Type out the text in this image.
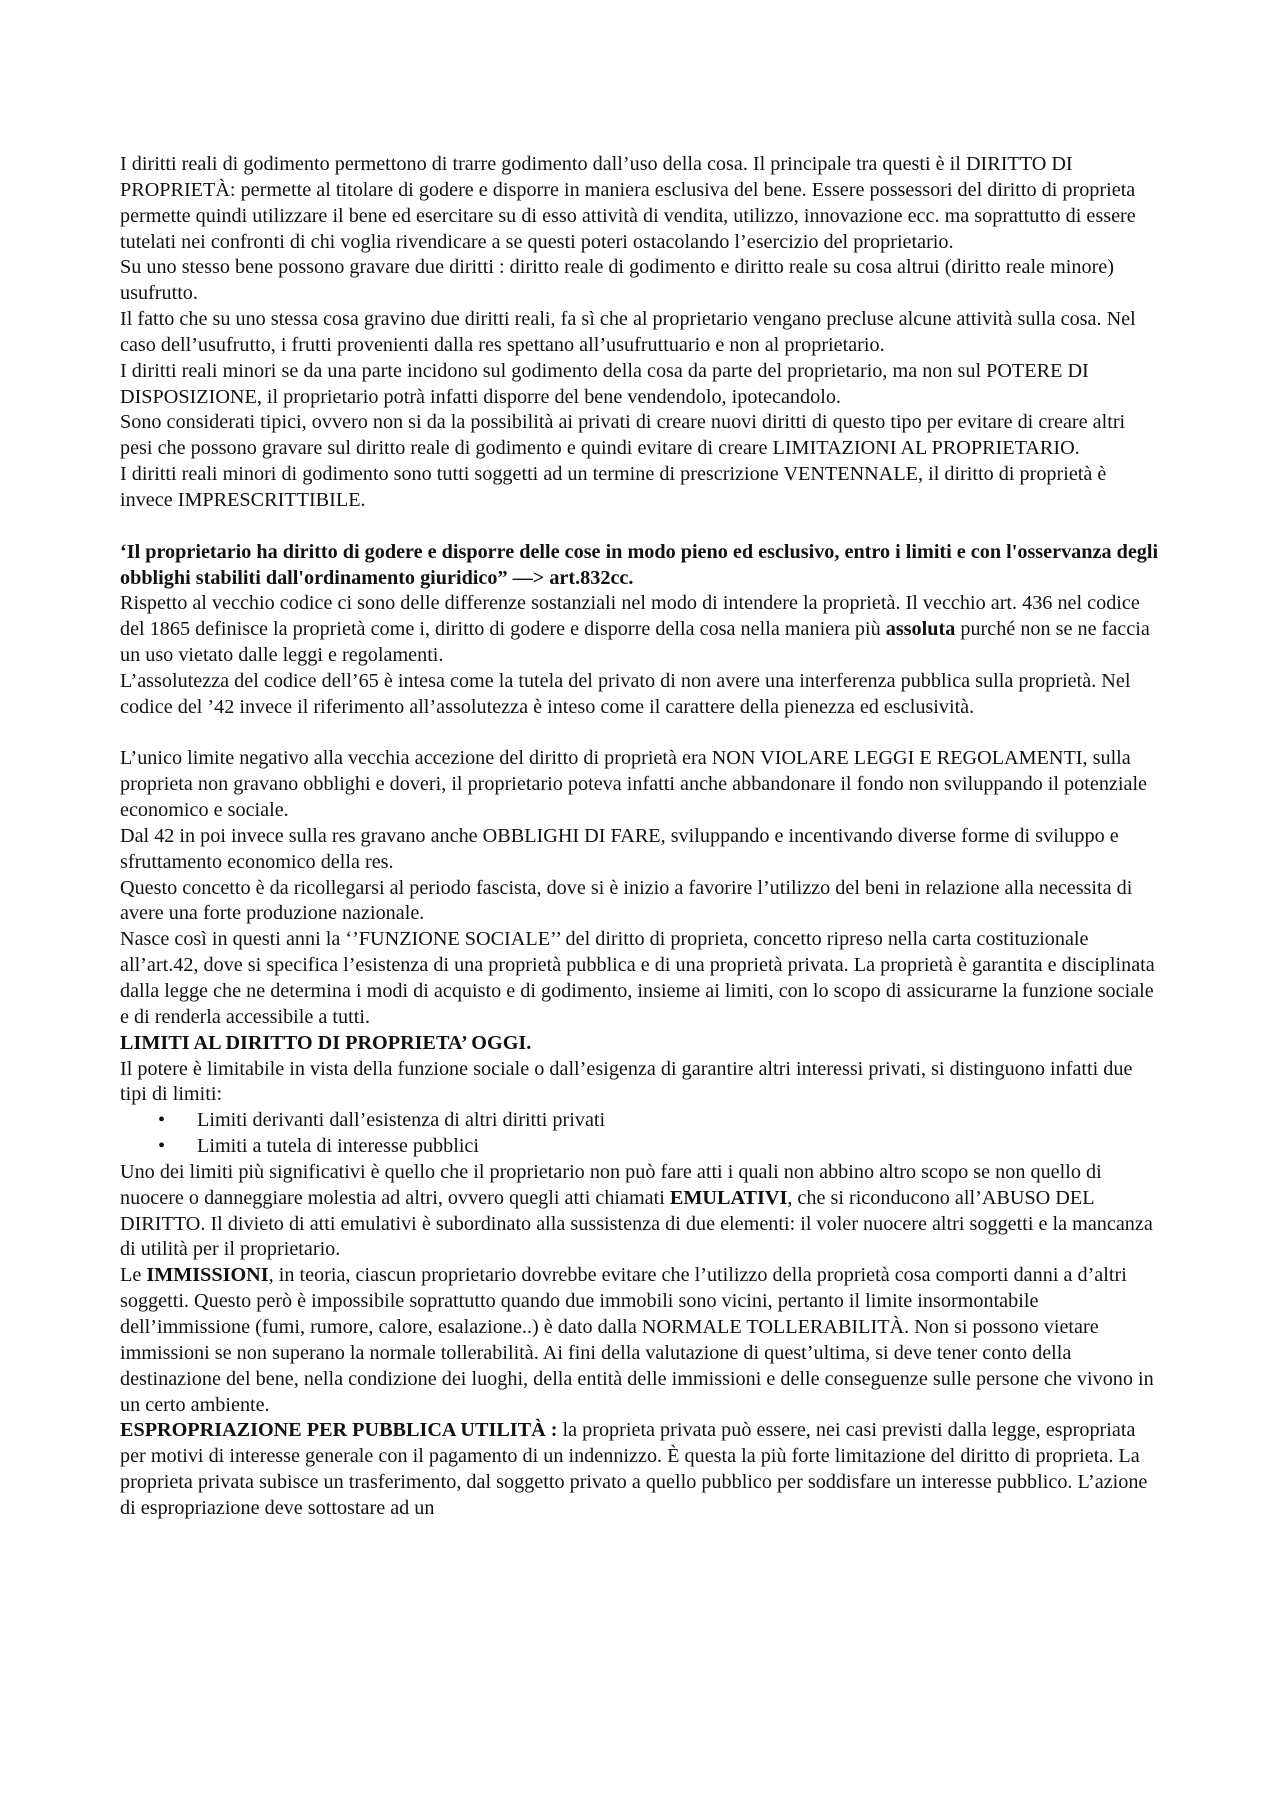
I diritti reali di godimento permettono di trarre godimento dall’uso della cosa. Il principale tra questi è il DIRITTO DI PROPRIETÀ: permette al titolare di godere e disporre in maniera esclusiva del bene. Essere possessori del diritto di proprieta permette quindi utilizzare il bene ed esercitare su di esso attività di vendita, utilizzo, innovazione ecc. ma soprattutto di essere tutelati nei confronti di chi voglia rivendicare a se questi poteri ostacolando l’esercizio del proprietario.

Su uno stesso bene possono gravare due diritti : diritto reale di godimento e diritto reale su cosa altrui (diritto reale minore) usufrutto.

Il fatto che su uno stessa cosa gravino due diritti reali, fa sì che al proprietario vengano precluse alcune attività sulla cosa. Nel caso dell’usufrutto, i frutti provenienti dalla res spettano all’usufruttuario e non al proprietario.

I diritti reali minori se da una parte incidono sul godimento della cosa da parte del proprietario, ma non sul POTERE DI DISPOSIZIONE, il proprietario potrà infatti disporre del bene vendendolo, ipotecandolo.

Sono considerati tipici, ovvero non si da la possibilità ai privati di creare nuovi diritti di questo tipo per evitare di creare altri pesi che possono gravare sul diritto reale di godimento e quindi evitare di creare LIMITAZIONI AL PROPRIETARIO.

I diritti reali minori di godimento sono tutti soggetti ad un termine di prescrizione VENTENNALE, il diritto di proprietà è invece IMPRESCRITTIBILE.

‘Il proprietario ha diritto di godere e disporre delle cose in modo pieno ed esclusivo, entro i limiti e con l'osservanza degli obblighi stabiliti dall'ordinamento giuridico” —> art.832cc.

Rispetto al vecchio codice ci sono delle differenze sostanziali nel modo di intendere la proprietà. Il vecchio art. 436 nel codice del 1865 definisce la proprietà come i, diritto di godere e disporre della cosa nella maniera più assoluta purché non se ne faccia un uso vietato dalle leggi e regolamenti.

L’assolutezza del codice dell’65 è intesa come la tutela del privato di non avere una interferenza pubblica sulla proprietà. Nel codice del ’42 invece il riferimento all’assolutezza è inteso come il carattere della pienezza ed esclusività.

L’unico limite negativo alla vecchia accezione del diritto di proprietà era NON VIOLARE LEGGI E REGOLAMENTI, sulla proprieta non gravano obblighi e doveri, il proprietario poteva infatti anche abbandonare il fondo non sviluppando il potenziale economico e sociale.

Dal 42 in poi invece sulla res gravano anche OBBLIGHI DI FARE, sviluppando e incentivando diverse forme di sviluppo e sfruttamento economico della res.

Questo concetto è da ricollegarsi al periodo fascista, dove si è inizio a favorire l’utilizzo del beni in relazione alla necessita di avere una forte produzione nazionale.

Nasce così in questi anni la ‘’FUNZIONE SOCIALE’’ del diritto di proprieta, concetto ripreso nella carta costituzionale all’art.42, dove si specifica l’esistenza di una proprietà pubblica e di una proprietà privata. La proprietà è garantita e disciplinata dalla legge che ne determina i modi di acquisto e di godimento, insieme ai limiti, con lo scopo di assicurarne la funzione sociale e di renderla accessibile a tutti.

LIMITI AL DIRITTO DI PROPRIETA’ OGGI.

Il potere è limitabile in vista della funzione sociale o dall’esigenza di garantire altri interessi privati, si distinguono infatti due tipi di limiti:

• Limiti derivanti dall’esistenza di altri diritti privati
• Limiti a tutela di interesse pubblici

Uno dei limiti più significativi è quello che il proprietario non può fare atti i quali non abbino altro scopo se non quello di nuocere o danneggiare molestia ad altri, ovvero quegli atti chiamati EMULATIVI, che si riconducono all’ABUSO DEL DIRITTO. Il divieto di atti emulativi è subordinato alla sussistenza di due elementi: il voler nuocere altri soggetti e la mancanza di utilità per il proprietario.

Le IMMISSIONI, in teoria, ciascun proprietario dovrebbe evitare che l’utilizzo della proprietà cosa comporti danni a d’altri soggetti. Questo però è impossibile soprattutto quando due immobili sono vicini, pertanto il limite insormontabile dell’immissione (fumi, rumore, calore, esalazione..) è dato dalla NORMALE TOLLERABILITÀ. Non si possono vietare immissioni se non superano la normale tollerabilità. Ai fini della valutazione di quest’ultima, si deve tener conto della destinazione del bene, nella condizione dei luoghi, della entità delle immissioni e delle conseguenze sulle persone che vivono in un certo ambiente.

ESPROPRIAZIONE PER PUBBLICA UTILITÀ : la proprieta privata può essere, nei casi previsti dalla legge, espropriata per motivi di interesse generale con il pagamento di un indennizzo. È questa la più forte limitazione del diritto di proprieta. La proprieta privata subisce un trasferimento, dal soggetto privato a quello pubblico per soddisfare un interesse pubblico. L’azione di espropriazione deve sottostare ad un
